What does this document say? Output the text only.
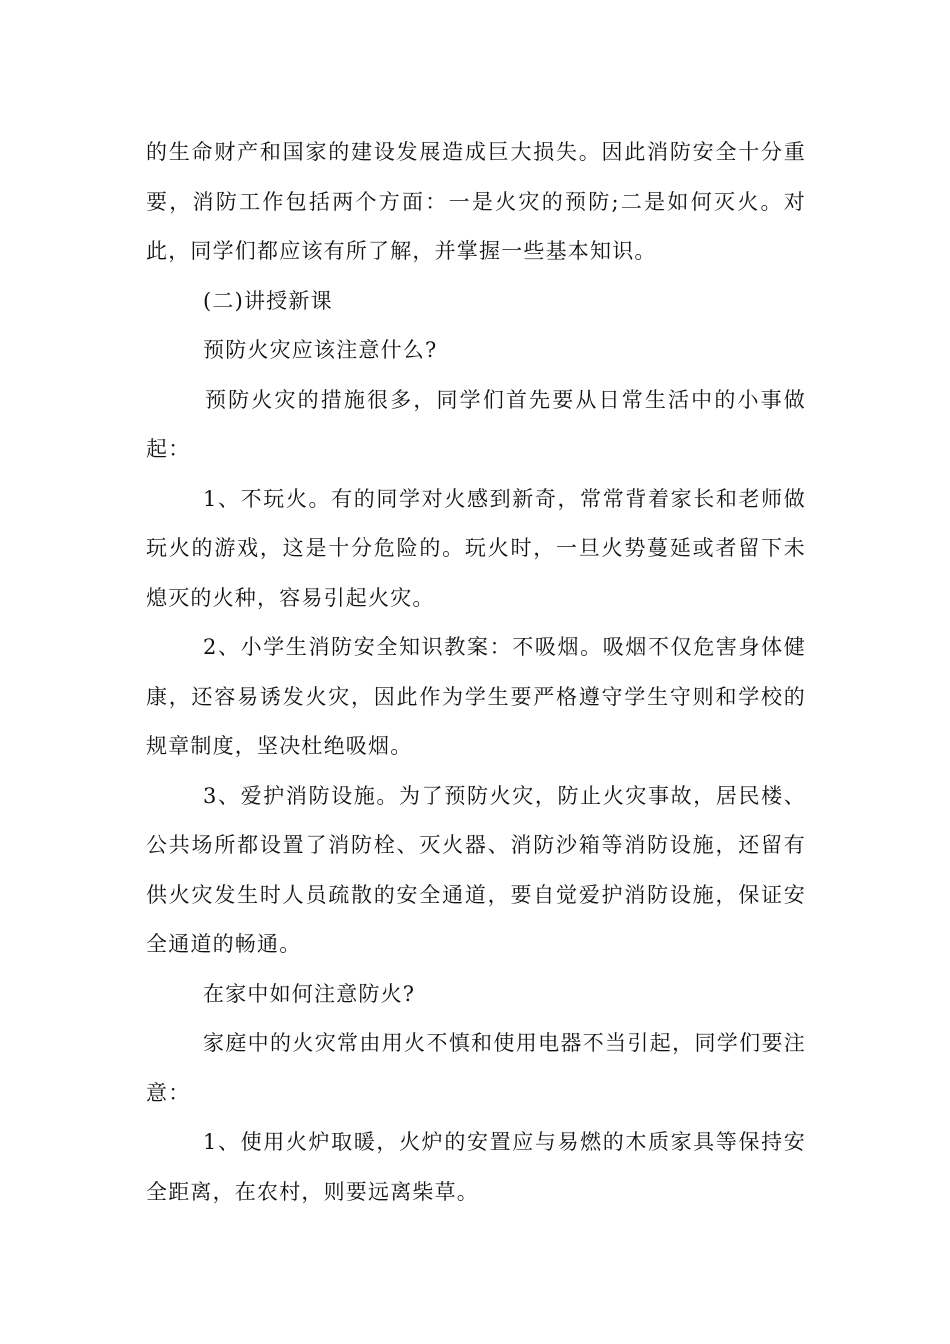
的生命财产和国家的建设发展造成巨大损失。因此消防安全十分重要，消防工作包括两个方面：一是火灾的预防;二是如何灭火。对此，同学们都应该有所了解，并掌握一些基本知识。

(二)讲授新课

预防火灾应该注意什么?

预防火灾的措施很多，同学们首先要从日常生活中的小事做起：

1、不玩火。有的同学对火感到新奇，常常背着家长和老师做玩火的游戏，这是十分危险的。玩火时，一旦火势蔓延或者留下未熄灭的火种，容易引起火灾。

2、小学生消防安全知识教案：不吸烟。吸烟不仅危害身体健康，还容易诱发火灾，因此作为学生要严格遵守学生守则和学校的规章制度，坚决杜绝吸烟。

3、爱护消防设施。为了预防火灾，防止火灾事故，居民楼、公共场所都设置了消防栓、灭火器、消防沙箱等消防设施，还留有供火灾发生时人员疏散的安全通道，要自觉爱护消防设施，保证安全通道的畅通。

在家中如何注意防火?

家庭中的火灾常由用火不慎和使用电器不当引起，同学们要注意：

1、使用火炉取暖，火炉的安置应与易燃的木质家具等保持安全距离，在农村，则要远离柴草。
